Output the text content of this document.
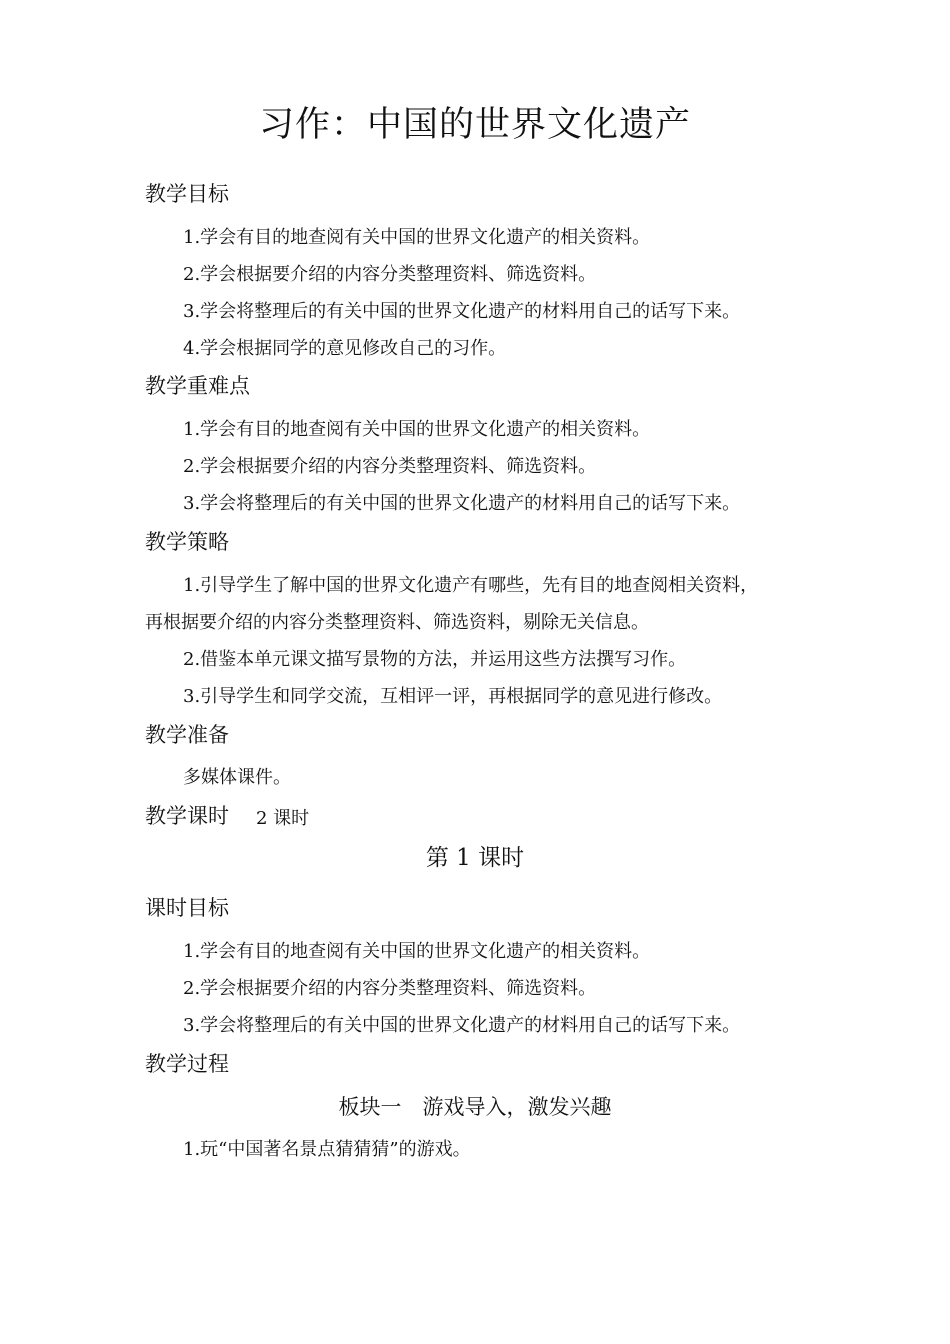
习作：中国的世界文化遗产
教学目标

1.学会有目的地查阅有关中国的世界文化遗产的相关资料。

2.学会根据要介绍的内容分类整理资料、筛选资料。

3.学会将整理后的有关中国的世界文化遗产的材料用自己的话写下来。

4.学会根据同学的意见修改自己的习作。

教学重难点

1.学会有目的地查阅有关中国的世界文化遗产的相关资料。

2.学会根据要介绍的内容分类整理资料、筛选资料。

3.学会将整理后的有关中国的世界文化遗产的材料用自己的话写下来。

教学策略

1.引导学生了解中国的世界文化遗产有哪些，先有目的地查阅相关资料，

再根据要介绍的内容分类整理资料、筛选资料，剔除无关信息。

2.借鉴本单元课文描写景物的方法，并运用这些方法撰写习作。

3.引导学生和同学交流，互相评一评，再根据同学的意见进行修改。

教学准备

多媒体课件。

教学课时 2 课时
第 1 课时
课时目标

1.学会有目的地查阅有关中国的世界文化遗产的相关资料。

2.学会根据要介绍的内容分类整理资料、筛选资料。

3.学会将整理后的有关中国的世界文化遗产的材料用自己的话写下来。

教学过程
板块一　游戏导入，激发兴趣

1.玩“中国著名景点猜猜猜”的游戏。
